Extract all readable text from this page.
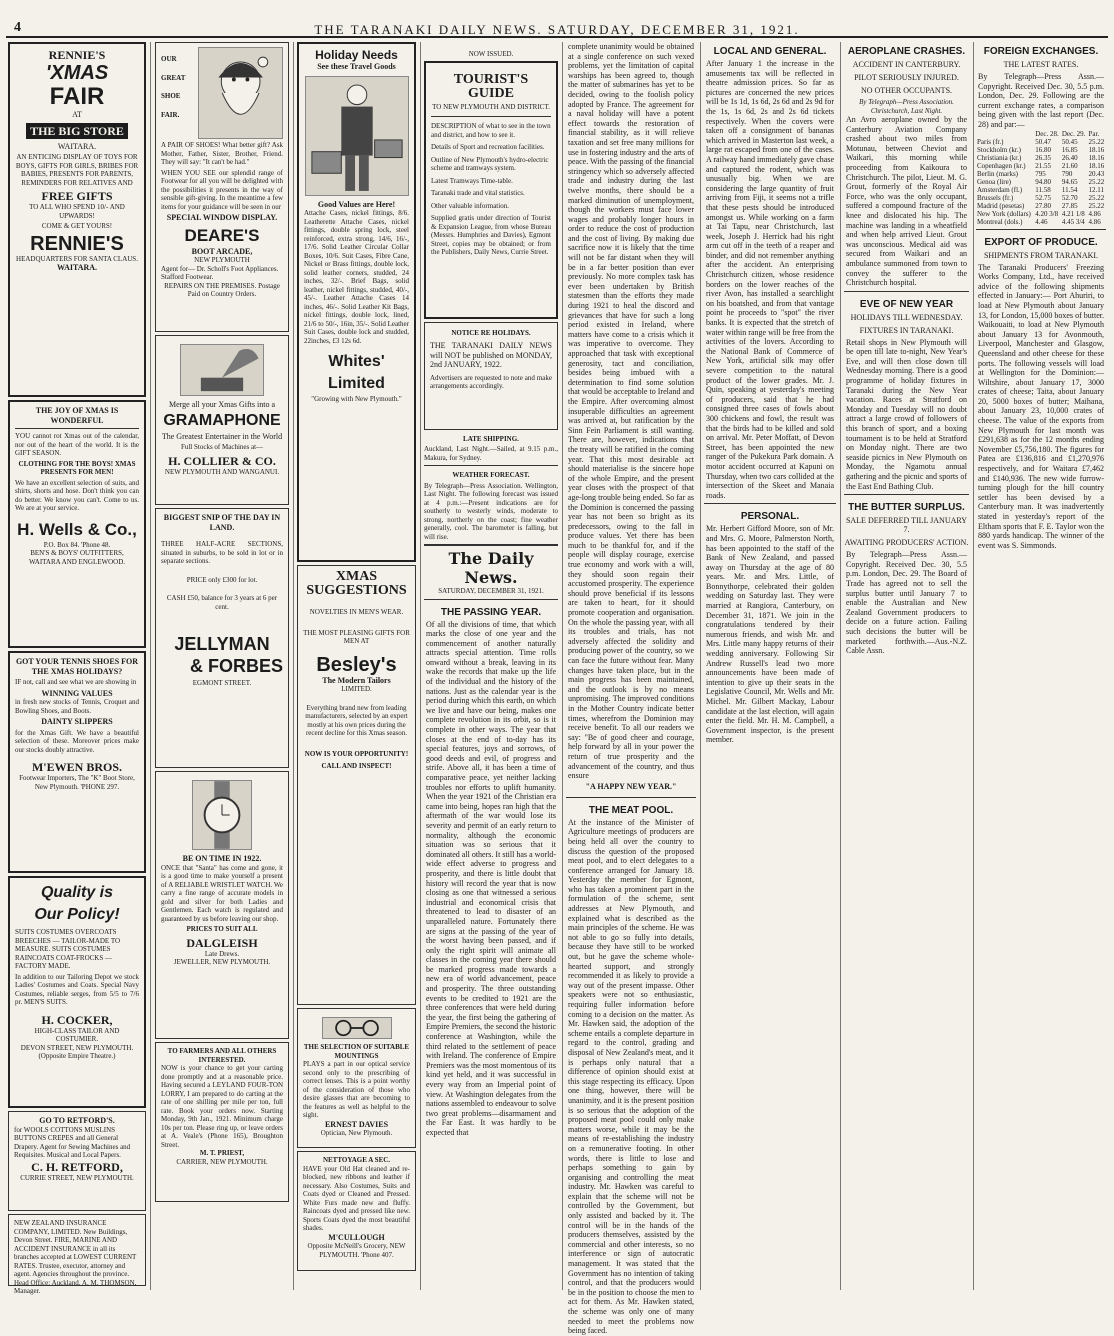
4	THE TARANAKI DAILY NEWS. SATURDAY, DECEMBER 31, 1921.
RENNIE'S
'XMAS
FAIR
AT
THE BIG STORE
WAITARA.
AN ENTICING DISPLAY OF TOYS FOR BOYS, GIFTS FOR GIRLS, BRIBES FOR BABIES, PRESENTS FOR PARENTS, REMINDERS FOR RELATIVES AND
FREE GIFTS
TO ALL WHO SPEND 10/- AND UPWARDS!
COME & GET YOURS!
RENNIE'S
HEADQUARTERS FOR SANTA CLAUS.
WAITARA.
THE JOY OF XMAS IS WONDERFUL
YOU cannot rot Xmas out of the calendar, nor out of the heart of the world. It is the GIFT SEASON.
CLOTHING FOR THE BOYS! XMAS PRESENTS FOR MEN!
We have an excellent selection of suits, and shirts, shorts and hose. Don't think you can do better. We know you can't. Come to us. We are at your service.
H. Wells & Co.,
P.O. Box 84. 'Phone 48.
BEN'S & BOYS' OUTFITTERS,
WAITARA AND ENGLEWOOD.
GOT YOUR TENNIS SHOES FOR THE XMAS HOLIDAYS?
IF not, call and see what we are showing in
WINNING VALUES
in fresh new stocks of Tennis, Croquet and Bowling Shoes, and Boots.
DAINTY SLIPPERS
for the Xmas Gift. We have a beautiful selection of these. Moreover prices make our stocks doubly attractive.
M'EWEN BROS.
Footwear Importers, The "K" Boot Store, New Plymouth. 'PHONE 297.
Quality is
Our Policy!
SUITS COSTUMES OVERCOATS BREECHES — TAILOR-MADE TO MEASURE. SUITS COSTUMES RAINCOATS COAT-FROCKS — FACTORY MADE.
In addition to our Tailoring Depot we stock Ladies' Costumes and Coats. Special Navy Costumes, reliable serges, from 5/5 to 7/6 pr. MEN'S SUITS.
H. COCKER,
HIGH-CLASS TAILOR AND COSTUMIER.
DEVON STREET, NEW PLYMOUTH.
(Opposite Empire Theatre.)
GO TO RETFORD'S.
for WOOLS COTTONS MUSLINS BUTTONS CREPES and all General Drapery. Agent for Sewing Machines and Requisites. Musical and Local Papers.
C. H. RETFORD,
CURRIE STREET, NEW PLYMOUTH.
NEW ZEALAND INSURANCE COMPANY, LIMITED. New Buildings, Devon Street. FIRE, MARINE AND ACCIDENT INSURANCE in all its branches accepted at LOWEST CURRENT RATES. Trustee, executor, attorney and agent. Agencies throughout the province. Head Office: Auckland. A. M. THOMSON, Manager.
OUR
GREAT
SHOE
FAIR.
A PAIR OF SHOES! What better gift? Ask Mother, Father, Sister, Brother, Friend. They will say: "It can't be had."
WHEN YOU SEE our splendid range of Footwear for all you will be delighted with the possibilities it presents in the way of sensible gift-giving. In the meantime a few items for your guidance will be seen in our
SPECIAL WINDOW DISPLAY.
DEARE'S
BOOT ARCADE,
NEW PLYMOUTH
Agent for— Dr. Scholl's Foot Appliances. Stafford Footwear.
REPAIRS ON THE PREMISES. Postage Paid on Country Orders.
Merge all your Xmas Gifts into a
GRAMAPHONE
The Greatest Entertainer in the World
Full Stocks of Machines at—
H. COLLIER & CO.
NEW PLYMOUTH AND WANGANUI.
BIGGEST SNIP OF THE DAY IN LAND.
THREE HALF-ACRE SECTIONS, situated in suburbs, to be sold in lot or in separate sections.
PRICE only £300 for lot.
CASH £50, balance for 3 years at 6 per cent.
JELLYMAN
& FORBES
EGMONT STREET.
BE ON TIME IN 1922.
ONCE that "Santa" has come and gone, it is a good time to make yourself a present of A RELIABLE WRISTLET WATCH. We carry a fine range of accurate models in gold and silver for both Ladies and Gentlemen. Each watch is regulated and guaranteed by us before leaving our shop.
PRICES TO SUIT ALL
DALGLEISH
Late Drews.
JEWELLER, NEW PLYMOUTH.
TO FARMERS AND ALL OTHERS INTERESTED.
NOW is your chance to get your carting done promptly and at a reasonable price. Having secured a LEYLAND FOUR-TON LORRY, I am prepared to do carting at the rate of one shilling per mile per ton, full rate. Book your orders now. Starting Monday, 9th Jan., 1921. Minimum charge 10s per ton. Please ring up, or leave orders at A. Veale's (Phone 165), Broughton Street.
M. T. PRIEST,
CARRIER, NEW PLYMOUTH.
Holiday Needs
See these Travel Goods
Good Values are Here!
Attache Cases, nickel fittings, 8/6. Leatherette Attache Cases, nickel fittings, double spring lock, steel reinforced, extra strong, 14/6, 16/-, 17/6. Solid Leather Circular Collar Boxes, 10/6. Suit Cases, Fibre Cane, Nickel or Brass fittings, double lock, solid leather corners, studded, 24 inches, 32/-. Brief Bags, solid leather, nickel fittings, studded, 40/-, 45/-. Leather Attache Cases 14 inches, 46/-. Solid Leather Kit Bags, nickel fittings, double lock, lined, 21/6 to 50/-, 16in, 35/-. Solid Leather Suit Cases, double lock and studded, 22inches, £3 12s 6d.
Whites' Limited
"Growing with New Plymouth."
XMAS
SUGGESTIONS
NOVELTIES IN MEN'S WEAR.
THE MOST PLEASING GIFTS FOR MEN AT
Besley's
The Modern Tailors
LIMITED.
Everything brand new from leading manufacturers, selected by an expert mostly at his own prices during the recent decline for this Xmas season.
NOW IS YOUR OPPORTUNITY!
CALL AND INSPECT!
THE SELECTION OF SUITABLE MOUNTINGS
PLAYS a part in our optical service second only to the prescribing of correct lenses. This is a point worthy of the consideration of those who desire glasses that are becoming to the features as well as helpful to the sight.
ERNEST DAVIES
Optician, New Plymouth.
NETTOYAGE A SEC.
HAVE your Old Hat cleaned and re-blocked, new ribbons and leather if necessary. Also Costumes, Suits and Coats dyed or Cleaned and Pressed. White Furs made new and fluffy. Raincoats dyed and pressed like new. Sports Coats dyed the most beautiful shades.
M'CULLOUGH
Opposite McNeill's Grocery, NEW PLYMOUTH. 'Phone 407.
NOW ISSUED.
TOURIST'S GUIDE
TO NEW PLYMOUTH AND DISTRICT.
DESCRIPTION of what to see in the town and district, and how to see it.
Details of Sport and recreation facilities.
Outline of New Plymouth's hydro-electric scheme and tramways system.
Latest Tramways Time-table.
Taranaki trade and vital statistics.
Other valuable information.
Supplied gratis under direction of Tourist & Expansion League, from whose Bureau (Messrs. Humphries and Davies), Egmont Street, copies may be obtained; or from the Publishers, Daily News, Currie Street.
NOTICE RE HOLIDAYS.
THE TARANAKI DAILY NEWS will NOT be published on MONDAY, 2nd JANUARY, 1922.
Advertisers are requested to note and make arrangements accordingly.
LATE SHIPPING.
Auckland, Last Night.—Sailed, at 9.15 p.m., Makura, for Sydney.
WEATHER FORECAST.
By Telegraph—Press Association. Wellington, Last Night. The following forecast was issued at 4 p.m.:—Present indications are for southerly to westerly winds, moderate to strong, northerly on the coast; fine weather generally, cool. The barometer is falling, but will rise.
The Daily News.
SATURDAY, DECEMBER 31, 1921.
THE PASSING YEAR.
Of all the divisions of time, that which marks the close of one year and the commencement of another naturally attracts special attention. Time rolls onward without a break, leaving in its wake the records that make up the life of the individual and the history of the nations. Just as the calendar year is the period during which this earth, on which we live and have our being, makes one complete revolution in its orbit, so is it complete in other ways. The year that closes at the end of to-day has its special features, joys and sorrows, of good deeds and evil, of progress and strife. Above all, it has been a time of comparative peace, yet neither lacking troubles nor efforts to uplift humanity. When the year 1921 of the Christian era came into being, hopes ran high that the aftermath of the war would lose its severity and permit of an early return to normality, although the economic situation was so serious that it dominated all others. It still has a world-wide effect adverse to progress and prosperity, and there is little doubt that history will record the year that is now closing as one that witnessed a serious industrial and economical crisis that threatened to lead to disaster of an unparalleled nature. Fortunately there are signs at the passing of the year of the worst having been passed, and if only the right spirit will animate all classes in the coming year there should be marked progress made towards a new era of world advancement, peace and prosperity. The three outstanding events to be credited to 1921 are the three conferences that were held during the year, the first being the gathering of Empire Premiers, the second the historic conference at Washington, while the third related to the settlement of peace with Ireland. The conference of Empire Premiers was the most momentous of its kind yet held, and it was successful in every way from an Imperial point of view. At Washington delegates from the nations assembled to endeavour to solve two great problems—disarmament and the Far East. It was hardly to be expected that
complete unanimity would be obtained at a single conference on such vexed problems, yet the limitation of capital warships has been agreed to, though the matter of submarines has yet to be decided, owing to the foolish policy adopted by France. The agreement for a naval holiday will have a potent effect towards the restoration of financial stability, as it will relieve taxation and set free many millions for use in fostering industry and the arts of peace. With the passing of the financial stringency which so adversely affected trade and industry during the last twelve months, there should be a marked diminution of unemployment, though the workers must face lower wages and probably longer hours in order to reduce the cost of production and the cost of living. By making due sacrifice now it is likely that the time will not be far distant when they will be in a far better position than ever previously. No more complex task has ever been undertaken by British statesmen than the efforts they made during 1921 to heal the discord and grievances that have for such a long period existed in Ireland, where matters have come to a crisis which it was imperative to overcome. They approached that task with exceptional generosity, tact and conciliation, besides being imbued with a determination to find some solution that would be acceptable to Ireland and the Empire. After overcoming almost insuperable difficulties an agreement was arrived at, but ratification by the Sinn Fein Parliament is still wanting. There are, however, indications that the treaty will be ratified in the coming year. That this most desirable act should materialise is the sincere hope of the whole Empire, and the present year closes with the prospect of that age-long trouble being ended. So far as the Dominion is concerned the passing year has not been so bright as its predecessors, owing to the fall in produce values. Yet there has been much to be thankful for, and if the people will display courage, exercise true economy and work with a will, they should soon regain their accustomed prosperity. The experience should prove beneficial if its lessons are taken to heart, for it should promote cooperation and organisation. On the whole the passing year, with all its troubles and trials, has not adversely affected the solidity and producing power of the country, so we can face the future without fear. Many changes have taken place, but in the main progress has been maintained, and the outlook is by no means unpromising. The improved conditions in the Mother Country indicate better times, wherefrom the Dominion may receive benefit. To all our readers we say: "Be of good cheer and courage, help forward by all in your power the return of true prosperity and the advancement of the country, and thus ensure
"A HAPPY NEW YEAR."
THE MEAT POOL.
At the instance of the Minister of Agriculture meetings of producers are being held all over the country to discuss the question of the proposed meat pool, and to elect delegates to a conference arranged for January 18. Yesterday the member for Egmont, who has taken a prominent part in the formulation of the scheme, sent addresses at New Plymouth, and explained what is described as the main principles of the scheme. He was not able to go so fully into details, because they have still to be worked out, but he gave the scheme whole-hearted support, and strongly recommended it as likely to provide a way out of the present impasse. Other speakers were not so enthusiastic, requiring fuller information before coming to a decision on the matter. As Mr. Hawken said, the adoption of the scheme entails a complete departure in regard to the control, grading and disposal of New Zealand's meat, and it is perhaps only natural that a difference of opinion should exist at this stage respecting its efficacy. Upon one thing, however, there will be unanimity, and it is the present position is so serious that the adoption of the proposed meat pool could only make matters worse, while it may be the means of re-establishing the industry on a remunerative footing. In other words, there is little to lose and perhaps something to gain by organising and controlling the meat industry. Mr. Hawken was careful to explain that the scheme will not be controlled by the Government, but only assisted and backed by it. The control will be in the hands of the producers themselves, assisted by the commercial and other interests, so no interference or sign of autocratic management. It was stated that the Government has no intention of taking control, and that the producers would be in the position to choose the men to act for them. As Mr. Hawken stated, the scheme was only one of many needed to meet the problems now being faced.
LOCAL AND GENERAL.
After January 1 the increase in the amusements tax will be reflected in theatre admission prices. So far as pictures are concerned the new prices will be 1s 1d, 1s 6d, 2s 6d and 2s 9d for the 1s, 1s 6d, 2s and 2s 6d tickets respectively. When the covers were taken off a consignment of bananas which arrived in Masterton last week, a large rat escaped from one of the cases. A railway hand immediately gave chase and captured the rodent, which was unusually big. When we are considering the large quantity of fruit arriving from Fiji, it seems not a trifle that these pests should be introduced amongst us. While working on a farm at Tai Tapu, near Christchurch, last week, Joseph J. Herrick had his right arm cut off in the teeth of a reaper and binder, and did not remember anything after the accident. An enterprising Christchurch citizen, whose residence borders on the lower reaches of the river Avon, has installed a searchlight on his boatshed, and from that vantage point he proceeds to "spot" the river banks. It is expected that the stretch of water within range will be free from the activities of the lovers. According to the National Bank of Commerce of New York, artificial silk may offer severe competition to the natural product of the lower grades. Mr. J. Quin, speaking at yesterday's meeting of producers, said that he had consigned three cases of fowls about 300 chickens and fowl, the result was that the birds had to be killed and sold on arrival. Mr. Peter Moffatt, of Devon Street, has been appointed the new ranger of the Pukekura Park domain. A motor accident occurred at Kapuni on Thursday, when two cars collided at the intersection of the Skeet and Manaia roads.
PERSONAL.
Mr. Herbert Gifford Moore, son of Mr. and Mrs. G. Moore, Palmerston North, has been appointed to the staff of the Bank of New Zealand, and passed away on Thursday at the age of 80 years. Mr. and Mrs. Little, of Bonnythorpe, celebrated their golden wedding on Saturday last. They were married at Rangiora, Canterbury, on December 31, 1871. We join in the congratulations tendered by their numerous friends, and wish Mr. and Mrs. Little many happy returns of their wedding anniversary. Following Sir Andrew Russell's lead two more announcements have been made of intention to give up their seats in the Legislative Council, Mr. Wells and Mr. Michel. Mr. Gilbert Mackay, Labour candidate at the last election, will again enter the field. Mr. H. M. Campbell, a Government inspector, is the present member.
AEROPLANE CRASHES.
ACCIDENT IN CANTERBURY.
PILOT SERIOUSLY INJURED.
NO OTHER OCCUPANTS.
By Telegraph—Press Association. Christchurch, Last Night.
An Avro aeroplane owned by the Canterbury Aviation Company crashed about two miles from Motunau, between Cheviot and Waikari, this morning while proceeding from Kaikoura to Christchurch. The pilot, Lieut. M. G. Grout, formerly of the Royal Air Force, who was the only occupant, suffered a compound fracture of the knee and dislocated his hip. The machine was landing in a wheatfield and when help arrived Lieut. Grout was unconscious. Medical aid was secured from Waikari and an ambulance summoned from town to convey the sufferer to the Christchurch hospital.
EVE OF NEW YEAR
HOLIDAYS TILL WEDNESDAY.
FIXTURES IN TARANAKI.
Retail shops in New Plymouth will be open till late to-night, New Year's Eve, and will then close down till Wednesday morning. There is a good programme of holiday fixtures in Taranaki during the New Year vacation. Races at Stratford on Monday and Tuesday will no doubt attract a large crowd of followers of this branch of sport, and a boxing tournament is to be held at Stratford on Monday night. There are two seaside picnics in New Plymouth on Monday, the Ngamotu annual gathering and the picnic and sports of the East End Bathing Club.
THE BUTTER SURPLUS.
SALE DEFERRED TILL JANUARY 7.
AWAITING PRODUCERS' ACTION.
By Telegraph—Press Assn.—Copyright. Received Dec. 30, 5.5 p.m. London, Dec. 29. The Board of Trade has agreed not to sell the surplus butter until January 7 to enable the Australian and New Zealand Government producers to decide on a future action. Failing such decisions the butter will be marketed forthwith.—Aus.-N.Z. Cable Assn.
FOREIGN EXCHANGES.
THE LATEST RATES.
By Telegraph—Press Assn.—Copyright. Received Dec. 30, 5.5 p.m. London, Dec. 29. Following are the current exchange rates, a comparison being given with the last report (Dec. 28) and par:—
	Dec. 28.	Dec. 29.	Par.
Paris (fr.)	50.47	50.45	25.22
Stockholm (kr.)	16.80	16.85	18.16
Christiania (kr.)	26.35	26.40	18.16
Copenhagen (kr.)	21.55	21.60	18.16
Berlin (marks)	795	790	20.43
Genoa (lire)	94.80	94.65	25.22
Amsterdam (fl.)	11.58	11.54	12.11
Brussels (fr.)	52.75	52.70	25.22
Madrid (pesetas)	27.80	27.85	25.22
New York (dollars)	4.20 3/8	4.21 1/8	4.86
Montreal (dols.)	4.46	4.45 3/4	4.86
EXPORT OF PRODUCE.
SHIPMENTS FROM TARANAKI.
The Taranaki Producers' Freezing Works Company, Ltd., have received advice of the following shipments effected in January:— Port Ahuriri, to load at New Plymouth about January 13, for London, 15,000 boxes of butter. Waikouaiti, to load at New Plymouth about January 13 for Avonmouth, Liverpool, Manchester and Glasgow, Queensland and other cheese for these ports. The following vessels will load at Wellington for the Dominion:— Wiltshire, about January 17, 3000 crates of cheese; Taita, about January 20, 5000 boxes of butter; Maihana, about January 23, 10,000 crates of cheese. The value of the exports from New Plymouth for last month was £291,638 as for the 12 months ending November £5,756,180. The figures for Patea are £136,816 and £1,270,976 respectively, and for Waitara £7,462 and £140,936. The new wide furrow-turning plough for the hill country settler has been devised by a Canterbury man. It was inadvertently stated in yesterday's report of the Eltham sports that F. E. Taylor won the 880 yards handicap. The winner of the event was S. Simmonds.
